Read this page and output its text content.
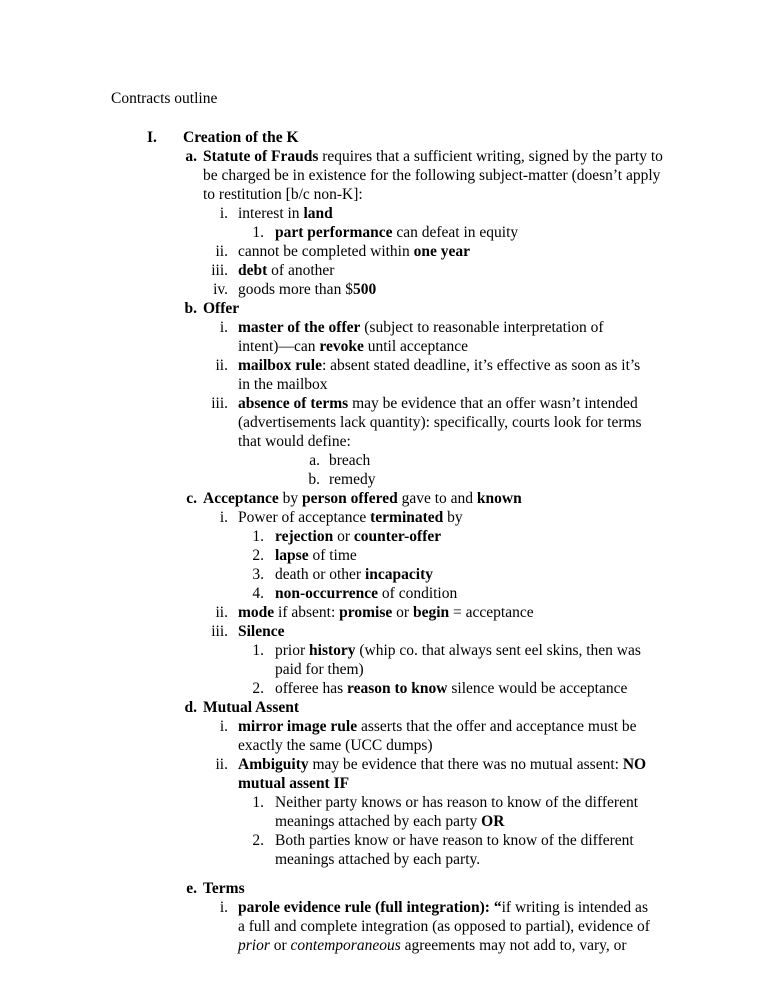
Contracts outline
I. Creation of the K
a. Statute of Frauds requires that a sufficient writing, signed by the party to
be charged be in existence for the following subject-matter (doesn’t apply
to restitution [b/c non-K]:
i. interest in land
1. part performance can defeat in equity
ii. cannot be completed within one year
iii. debt of another
iv. goods more than $500
b. Offer
i. master of the offer (subject to reasonable interpretation of
intent)—can revoke until acceptance
ii. mailbox rule: absent stated deadline, it’s effective as soon as it’s
in the mailbox
iii. absence of terms may be evidence that an offer wasn’t intended
(advertisements lack quantity): specifically, courts look for terms
that would define:
a. breach
b. remedy
c. Acceptance by person offered gave to and known
i. Power of acceptance terminated by
1. rejection or counter-offer
2. lapse of time
3. death or other incapacity
4. non-occurrence of condition
ii. mode if absent: promise or begin = acceptance
iii. Silence
1. prior history (whip co. that always sent eel skins, then was
paid for them)
2. offeree has reason to know silence would be acceptance
d. Mutual Assent
i. mirror image rule asserts that the offer and acceptance must be
exactly the same (UCC dumps)
ii. Ambiguity may be evidence that there was no mutual assent: NO
mutual assent IF
1. Neither party knows or has reason to know of the different
meanings attached by each party OR
2. Both parties know or have reason to know of the different
meanings attached by each party.
e. Terms
i. parole evidence rule (full integration): “if writing is intended as
a full and complete integration (as opposed to partial), evidence of
prior or contemporaneous agreements may not add to, vary, or
